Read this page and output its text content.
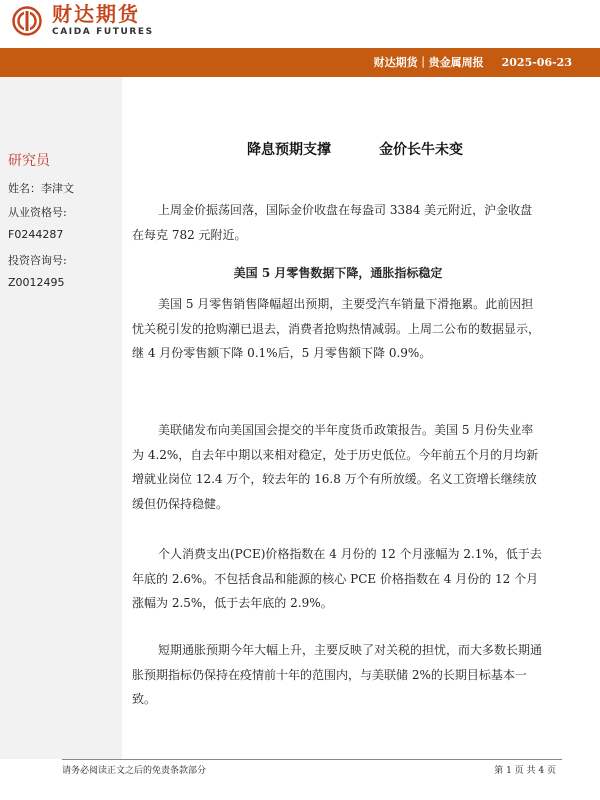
财达期货
CAIDA FUTURES
财达期货｜贵金属周报 2025-06-23
研究员
姓名：李津文
从业资格号:
F0244287
投资咨询号:
Z0012495
降息预期支撑	金价长牛未变

上周金价振荡回落，国际金价收盘在每盎司 3384 美元附近，沪金收盘在每克 782 元附近。

美国 5 月零售数据下降，通胀指标稳定

美国 5 月零售销售降幅超出预期，主要受汽车销量下滑拖累。此前因担忧关税引发的抢购潮已退去，消费者抢购热情减弱。上周二公布的数据显示，继 4 月份零售额下降 0.1%后，5 月零售额下降 0.9%。

美联储发布向美国国会提交的半年度货币政策报告。美国 5 月份失业率为 4.2%，自去年中期以来相对稳定，处于历史低位。今年前五个月的月均新增就业岗位 12.4 万个，较去年的 16.8 万个有所放缓。名义工资增长继续放缓但仍保持稳健。

个人消费支出(PCE)价格指数在 4 月份的 12 个月涨幅为 2.1%，低于去年底的 2.6%。不包括食品和能源的核心 PCE 价格指数在 4 月份的 12 个月涨幅为 2.5%，低于去年底的 2.9%。

短期通胀预期今年大幅上升，主要反映了对关税的担忧，而大多数长期通胀预期指标仍保持在疫情前十年的范围内，与美联储 2%的长期目标基本一致。

请务必阅读正文之后的免责条款部分	第 1 页 共 4 页
